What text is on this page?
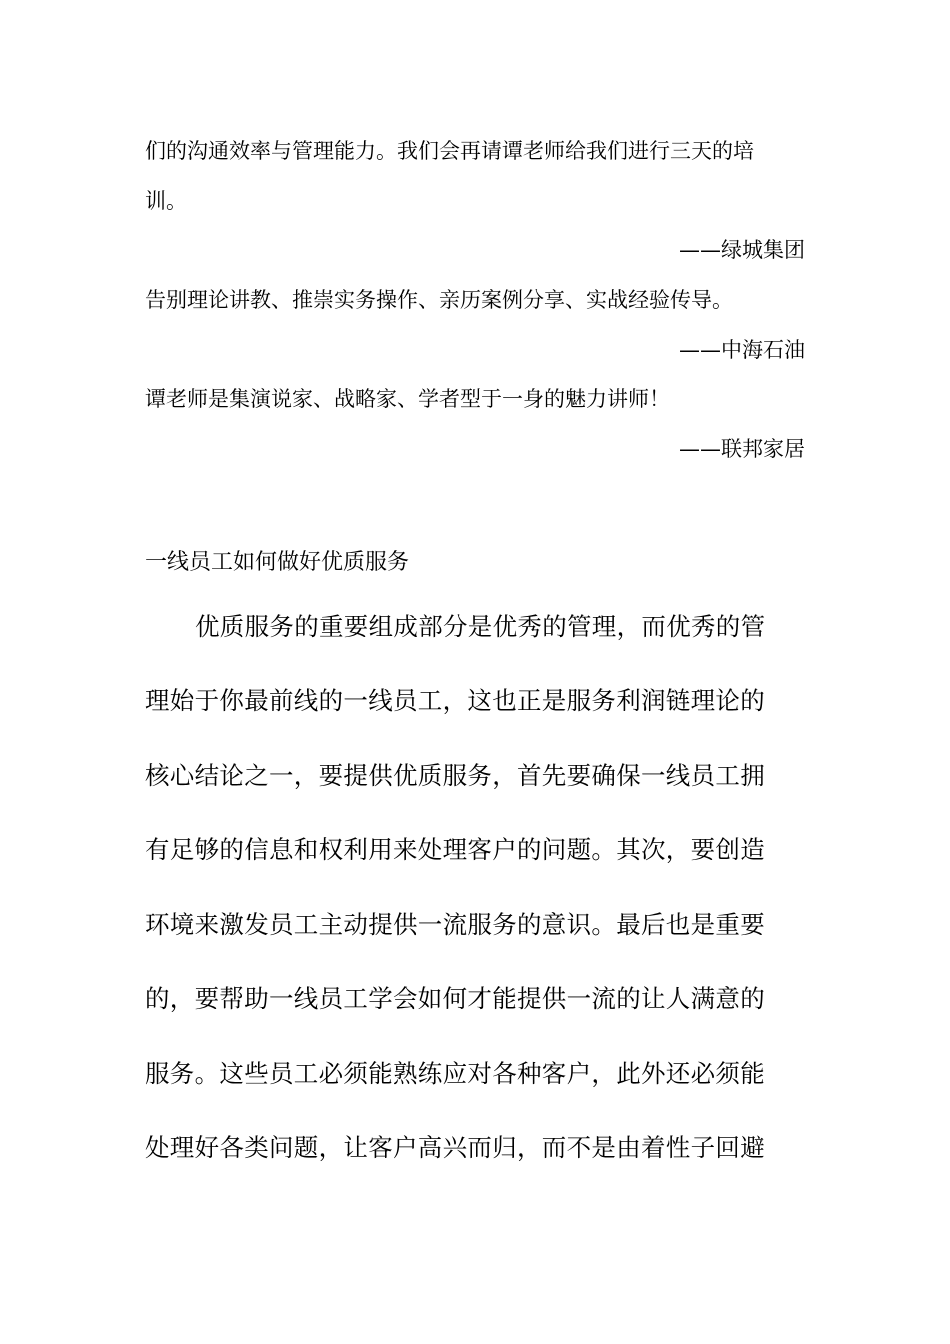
们的沟通效率与管理能力。我们会再请谭老师给我们进行三天的培
训。
——绿城集团
告别理论讲教、推崇实务操作、亲历案例分享、实战经验传导。
——中海石油
谭老师是集演说家、战略家、学者型于一身的魅力讲师！
——联邦家居
一线员工如何做好优质服务
优质服务的重要组成部分是优秀的管理，而优秀的管
理始于你最前线的一线员工，这也正是服务利润链理论的
核心结论之一，要提供优质服务，首先要确保一线员工拥
有足够的信息和权利用来处理客户的问题。其次，要创造
环境来激发员工主动提供一流服务的意识。最后也是重要
的，要帮助一线员工学会如何才能提供一流的让人满意的
服务。这些员工必须能熟练应对各种客户，此外还必须能
处理好各类问题，让客户高兴而归，而不是由着性子回避
